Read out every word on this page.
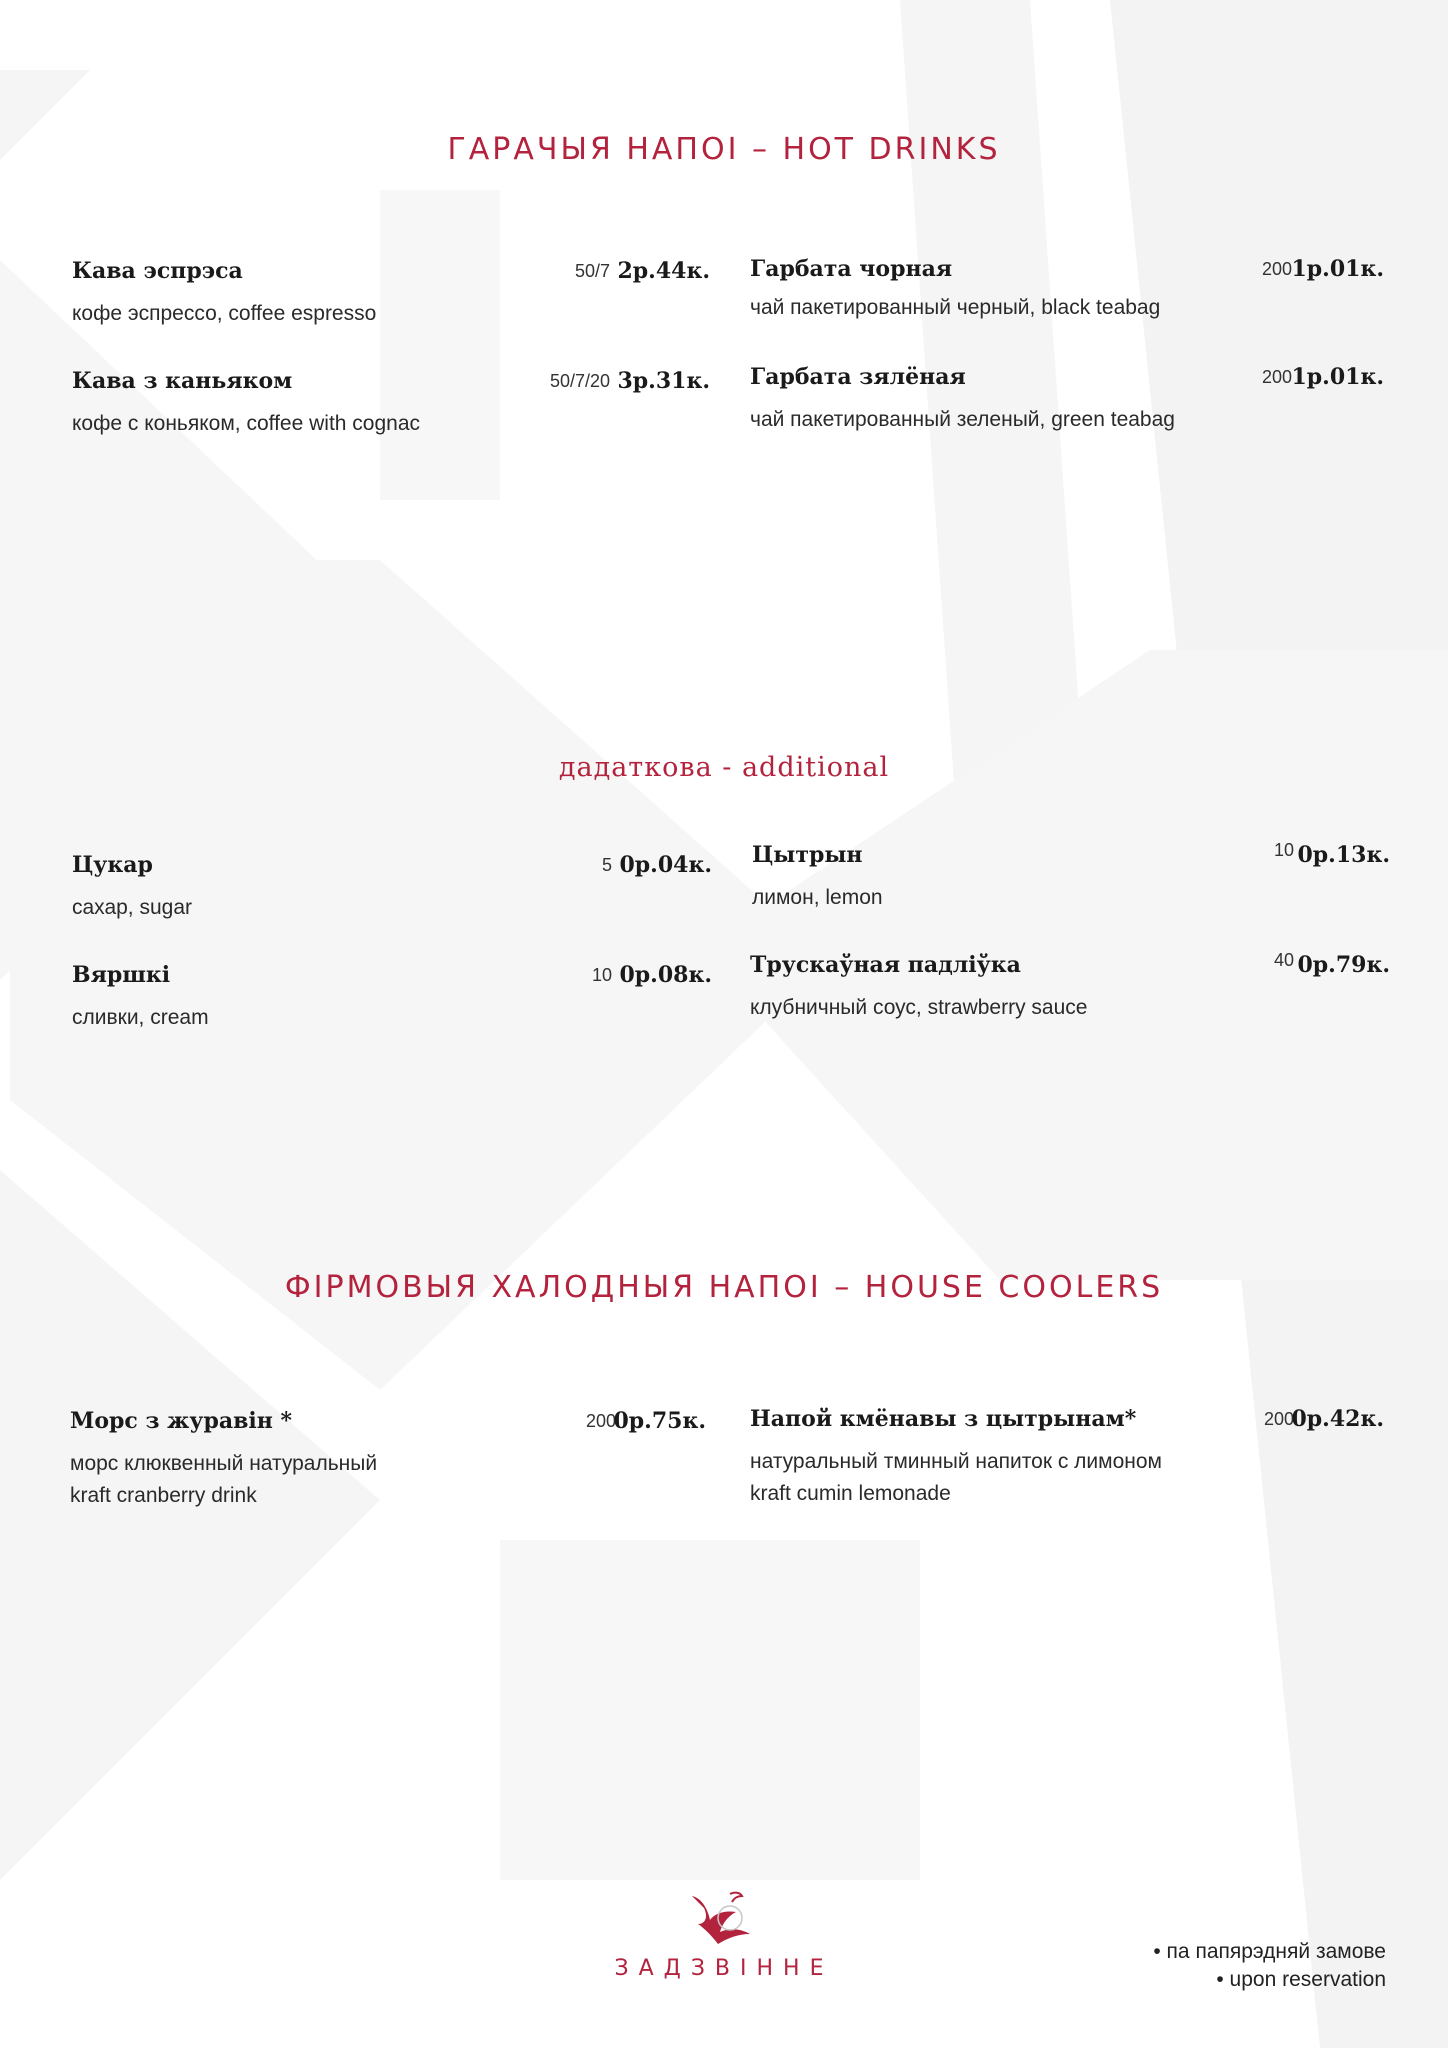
ГАРАЧЫЯ НАПОІ – HOT DRINKS
Кава эспрэса	50/7 2р.44к.
кофе эспрессо, coffee espresso
Кава з каньяком	50/7/20 3р.31к.
кофе с коньяком, coffee with cognac
Гарбата чорная	200 1р.01к.
чай пакетированный черный, black teabag
Гарбата зялёная	200 1р.01к.
чай пакетированный зеленый, green teabag
дадаткова - additional
Цукар	5 0р.04к.
сахар, sugar
Вяршкі	10 0р.08к.
сливки, cream
Цытрын	10 0р.13к.
лимон, lemon
Трускаўная падліўка	40 0р.79к.
клубничный соус, strawberry sauce
ФІРМОВЫЯ ХАЛОДНЫЯ НАПОІ – HOUSE COOLERS
Морс з журавін *	200
0р.75к.
морс клюквенный натуральный
kraft cranberry drink
Напой кмёнавы з цытрынам*	200
0р.42к.
натуральный тминный напиток с лимоном
kraft cumin lemonade
ЗАДЗВІННЕ
• па папярэдняй замове
• upon reservation
